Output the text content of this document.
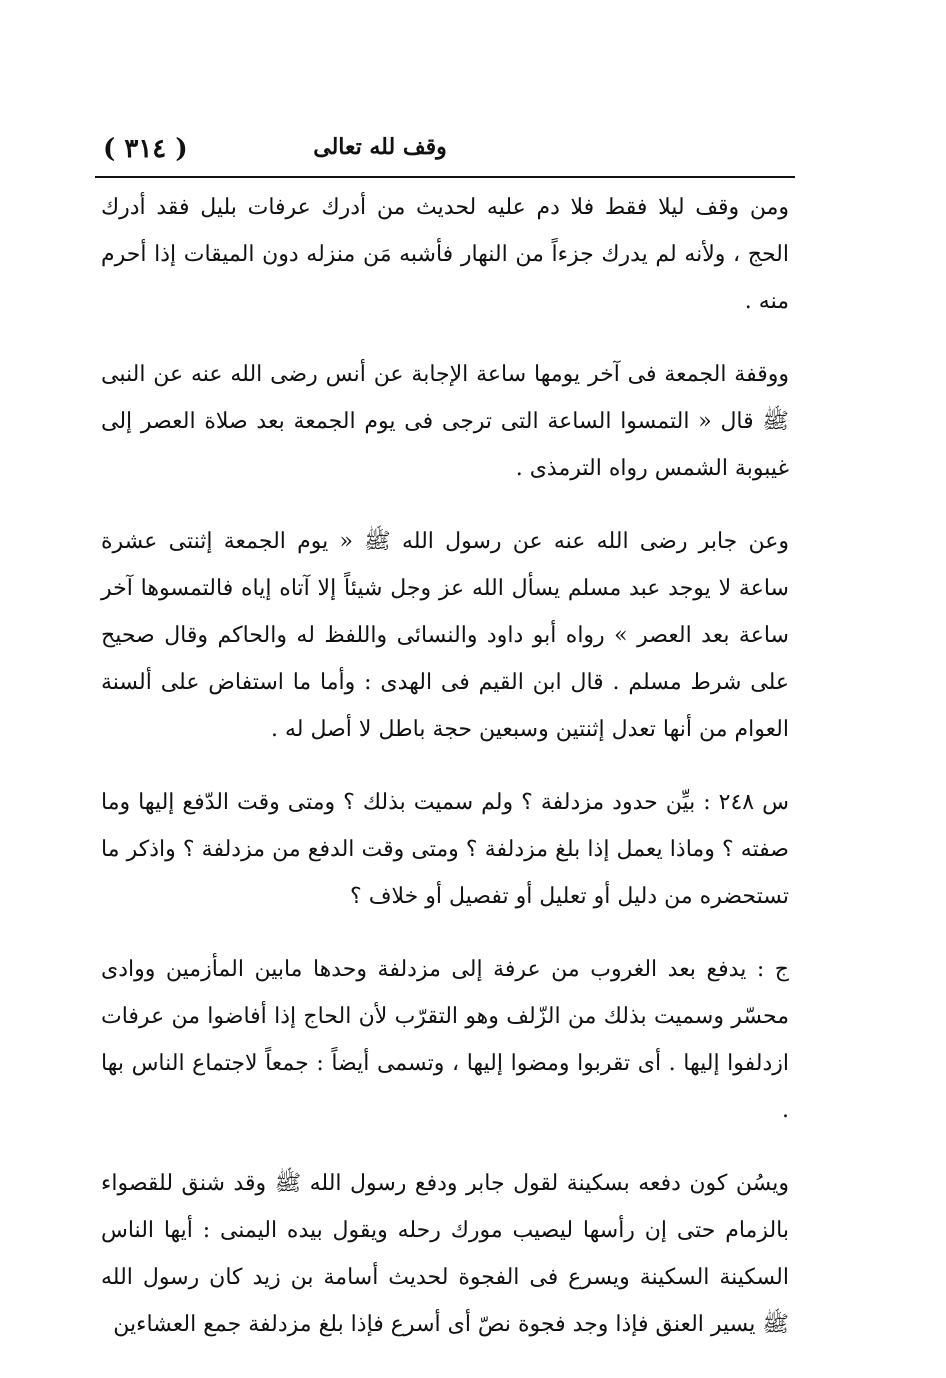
( ٣١٤ )	وقف لله تعالى

ومن وقف ليلا فقط فلا دم عليه لحديث من أدرك عرفات بليل فقد أدرك الحج ، ولأنه لم يدرك جزءاً من النهار فأشبه مَن منزله دون الميقات إذا أحرم منه .

ووقفة الجمعة فى آخر يومها ساعة الإجابة عن أنس رضى الله عنه عن النبى ﷺ قال « التمسوا الساعة التى ترجى فى يوم الجمعة بعد صلاة العصر إلى غيبوبة الشمس رواه الترمذى .

وعن جابر رضى الله عنه عن رسول الله ﷺ « يوم الجمعة إثنتى عشرة ساعة لا يوجد عبد مسلم يسأل الله عز وجل شيئاً إلا آتاه إياه فالتمسوها آخر ساعة بعد العصر » رواه أبو داود والنسائى واللفظ له والحاكم وقال صحيح على شرط مسلم . قال ابن القيم فى الهدى : وأما ما استفاض على ألسنة العوام من أنها تعدل إثنتين وسبعين حجة باطل لا أصل له .

س ٢٤٨ : بيِّن حدود مزدلفة ؟ ولم سميت بذلك ؟ ومتى وقت الدّفع إليها وما صفته ؟ وماذا يعمل إذا بلغ مزدلفة ؟ ومتى وقت الدفع من مزدلفة ؟ واذكر ما تستحضره من دليل أو تعليل أو تفصيل أو خلاف ؟

ج : يدفع بعد الغروب من عرفة إلى مزدلفة وحدها مابين المأزمين ووادى محسّر وسميت بذلك من الزّلف وهو التقرّب لأن الحاج إذا أفاضوا من عرفات ازدلفوا إليها . أى تقربوا ومضوا إليها ، وتسمى أيضاً : جمعاً لاجتماع الناس بها .

ويسُن كون دفعه بسكينة لقول جابر ودفع رسول الله ﷺ وقد شنق للقصواء بالزمام حتى إن رأسها ليصيب مورك رحله ويقول بيده اليمنى : أيها الناس السكينة السكينة ويسرع فى الفجوة لحديث أسامة بن زيد كان رسول الله ﷺ يسير العنق فإذا وجد فجوة نصّ أى أسرع فإذا بلغ مزدلفة جمع العشاءين
